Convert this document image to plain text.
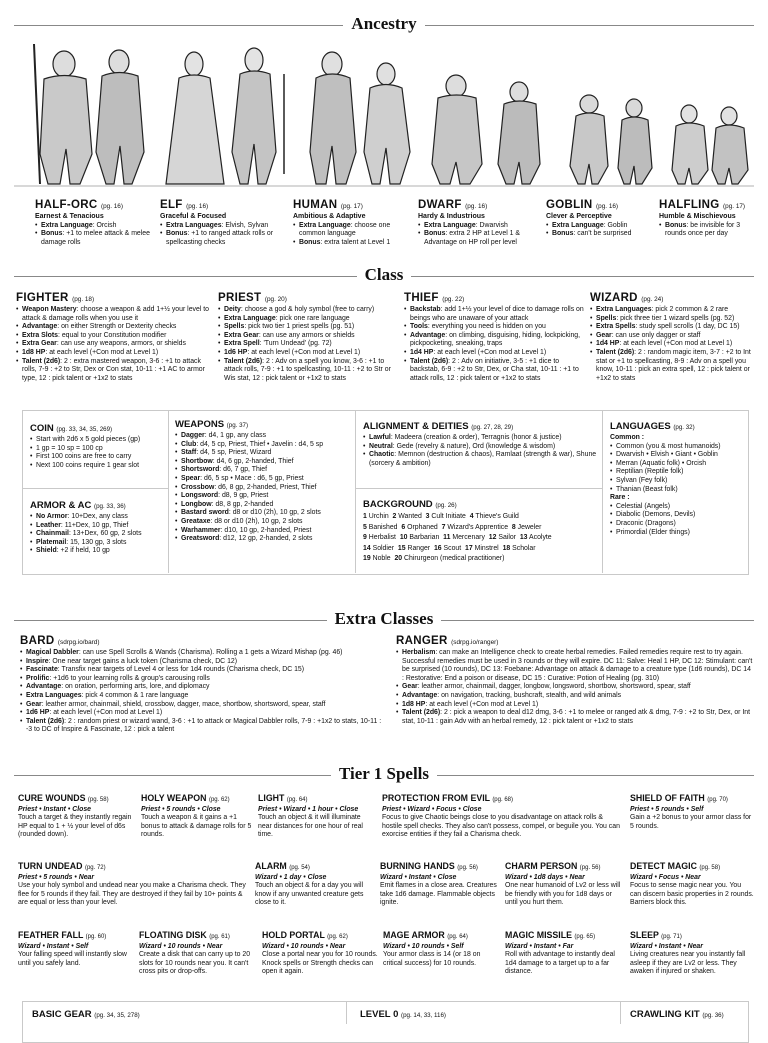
Ancestry
HALF-ORC (pg. 16)
Earnest & Tenacious
• Extra Language: Orcish
• Bonus: +1 to melee attack & melee damage rolls
ELF (pg. 16)
Graceful & Focused
• Extra Languages: Elvish, Sylvan
• Bonus: +1 to ranged attack rolls or spellcasting checks
HUMAN (pg. 17)
Ambitious & Adaptive
• Extra Language: choose one common language
• Bonus: extra talent at Level 1
DWARF (pg. 16)
Hardy & Industrious
• Extra Language: Dwarvish
• Bonus: extra 2 HP at Level 1 & Advantage on HP roll per level
GOBLIN (pg. 16)
Clever & Perceptive
• Extra Language: Goblin
• Bonus: can't be surprised
HALFLING (pg. 17)
Humble & Mischievous
• Bonus: be invisible for 3 rounds once per day
Class
FIGHTER (pg. 18)
• Weapon Mastery: choose a weapon & add 1+½ your level to attack & damage rolls when you use it
• Advantage: on either Strength or Dexterity checks
• Extra Slots: equal to your Constitution modifier
• Extra Gear: can use any weapons, armors, or shields
• 1d8 HP: at each level (+Con mod at Level 1)
• Talent (2d6): 2 : extra mastered weapon, 3-6 : +1 to attack rolls, 7-9 : +2 to Str, Dex or Con stat, 10-11 : +1 AC to armor type, 12 : pick talent or +1x2 to stats
PRIEST (pg. 20)
• Deity: choose a god & holy symbol (free to carry)
• Extra Language: pick one rare language
• Spells: pick two tier 1 priest spells (pg. 51)
• Extra Gear: can use any armors or shields
• Extra Spell: 'Turn Undead' (pg. 72)
• 1d6 HP: at each level (+Con mod at Level 1)
• Talent (2d6): 2 : Adv on a spell you know, 3-6 : +1 to attack rolls, 7-9 : +1 to spellcasting, 10-11 : +2 to Str or Wis stat, 12 : pick talent or +1x2 to stats
THIEF (pg. 22)
• Backstab: add 1+½ your level of dice to damage rolls on beings who are unaware of your attack
• Tools: everything you need is hidden on you
• Advantage: on climbing, disguising, hiding, lockpicking, pickpocketing, sneaking, traps
• 1d4 HP: at each level (+Con mod at Level 1)
• Talent (2d6): 2 : Adv on initiative, 3-5 : +1 dice to backstab, 6-9 : +2 to Str, Dex, or Cha stat, 10-11 : +1 to attack rolls, 12 : pick talent or +1x2 to stats
WIZARD (pg. 24)
• Extra Languages: pick 2 common & 2 rare
• Spells: pick three tier 1 wizard spells (pg. 52)
• Extra Spells: study spell scrolls (1 day, DC 15)
• Gear: can use only dagger or staff
• 1d4 HP: at each level (+Con mod at Level 1)
• Talent (2d6): 2 : random magic item, 3-7 : +2 to Int stat or +1 to spellcasting, 8-9 : Adv on a spell you know, 10-11 : pick an extra spell, 12 : pick talent or +1x2 to stats
COIN (pg. 33, 34, 35, 269)
• Start with 2d6 x 5 gold pieces (gp)
• 1 gp = 10 sp = 100 cp
• First 100 coins are free to carry
• Next 100 coins require 1 gear slot
ARMOR & AC (pg. 33, 36)
• No Armor: 10+Dex, any class
• Leather: 11+Dex, 10 gp, Thief
• Chainmail: 13+Dex, 60 gp, 2 slots
• Platemail: 15, 130 gp, 3 slots
• Shield: +2 if held, 10 gp
WEAPONS (pg. 37)
• Dagger: d4, 1 gp, any class
• Club: d4, 5 cp, Priest, Thief • Javelin : d4, 5 sp
• Staff: d4, 5 sp, Priest, Wizard
• Shortbow: d4, 6 gp, 2-handed, Thief
• Shortsword: d6, 7 gp, Thief
• Spear: d6, 5 sp • Mace : d6, 5 gp, Priest
• Crossbow: d6, 8 gp, 2-handed, Priest, Thief
• Longsword: d8, 9 gp, Priest
• Longbow: d8, 8 gp, 2-handed
• Bastard sword: d8 or d10 (2h), 10 gp, 2 slots
• Greataxe: d8 or d10 (2h), 10 gp, 2 slots
• Warhammer: d10, 10 gp, 2-handed, Priest
• Greatsword: d12, 12 gp, 2-handed, 2 slots
ALIGNMENT & DEITIES (pg. 27, 28, 29)
• Lawful: Madeera (creation & order), Terragnis (honor & justice)
• Neutral: Gede (revelry & nature), Ord (knowledge & wisdom)
• Chaotic: Memnon (destruction & chaos), Ramlaat (strength & war), Shune (sorcery & ambition)
BACKGROUND (pg. 26)
1 Urchin 2 Wanted 3 Cult Initiate 4 Thieve's Guild
5 Banished 6 Orphaned 7 Wizard's Apprentice 8 Jeweler
9 Herbalist 10 Barbarian 11 Mercenary 12 Sailor 13 Acolyte
14 Soldier 15 Ranger 16 Scout 17 Minstrel 18 Scholar
19 Noble 20 Chirurgeon (medical practitioner)
LANGUAGES (pg. 32)
Common :
• Common (you & most humanoids)
• Dwarvish • Elvish • Giant • Goblin
• Merran (Aquatic folk) • Orcish
• Reptilian (Reptile folk)
• Sylvan (Fey folk)
• Thanian (Beast folk)
Rare :
• Celestial (Angels)
• Diabolic (Demons, Devils)
• Draconic (Dragons)
• Primordial (Elder things)
Extra Classes
BARD (sdrpg.io/bard)
• Magical Dabbler: can use Spell Scrolls & Wands (Charisma). Rolling a 1 gets a Wizard Mishap (pg. 46)
• Inspire: One near target gains a luck token (Charisma check, DC 12)
• Fascinate: Transfix near targets of Level 4 or less for 1d4 rounds (Charisma check, DC 15)
• Prolific: +1d6 to your learning rolls & group's carousing rolls
• Advantage: on oration, performing arts, lore, and diplomacy
• Extra Languages: pick 4 common & 1 rare language
• Gear: leather armor, chainmail, shield, crossbow, dagger, mace, shortbow, shortsword, spear, staff
• 1d6 HP: at each level (+Con mod at Level 1)
• Talent (2d6): 2 : random priest or wizard wand, 3-6 : +1 to attack or Magical Dabbler rolls, 7-9 : +1x2 to stats, 10-11 : -3 to DC of Inspire & Fascinate, 12 : pick a talent
RANGER (sdrpg.io/ranger)
• Herbalism: can make an Intelligence check to create herbal remedies. Failed remedies require rest to try again. Successful remedies must be used in 3 rounds or they will expire. DC 11: Salve: Heal 1 HP, DC 12: Stimulant: can't be surprised (10 rounds), DC 13: Foebane: Advantage on attack & damage to a creature type (1d6 rounds), DC 14 : Restorative: End a poison or disease, DC 15 : Curative: Potion of Healing (pg. 310)
• Gear: leather armor, chainmail, dagger, longbow, longsword, shortbow, shortsword, spear, staff
• Advantage: on navigation, tracking, bushcraft, stealth, and wild animals
• 1d8 HP: at each level (+Con mod at Level 1)
• Talent (2d6): 2 : pick a weapon to deal d12 dmg, 3-6 : +1 to melee or ranged atk & dmg, 7-9 : +2 to Str, Dex, or Int stat, 10-11 : gain Adv with an herbal remedy, 12 : pick talent or +1x2 to stats
Tier 1 Spells
CURE WOUNDS (pg. 58)
Priest • Instant • Close
Touch a target & they instantly regain HP equal to 1 + ½ your level of d6s (rounded down).
HOLY WEAPON (pg. 62)
Priest • 5 rounds • Close
Touch a weapon & it gains a +1 bonus to attack & damage rolls for 5 rounds.
LIGHT (pg. 64)
Priest • Wizard • 1 hour • Close
Touch an object & it will illuminate near distances for one hour of real time.
PROTECTION FROM EVIL (pg. 68)
Priest • Wizard • Focus • Close
Focus to give Chaotic beings close to you disadvantage on attack rolls & hostile spell checks. They also can't possess, compel, or beguile you. You can exorcise entities if they fail a Charisma check.
SHIELD OF FAITH (pg. 70)
Priest • 5 rounds • Self
Gain a +2 bonus to your armor class for 5 rounds.
TURN UNDEAD (pg. 72)
Priest • 5 rounds • Near
Use your holy symbol and undead near you make a Charisma check. They flee for 5 rounds if they fail. They are destroyed if they fail by 10+ points & are equal or less than your level.
ALARM (pg. 54)
Wizard • 1 day • Close
Touch an object & for a day you will know if any unwanted creature gets close to it.
BURNING HANDS (pg. 56)
Wizard • Instant • Close
Emit flames in a close area. Creatures take 1d6 damage. Flammable objects ignite.
CHARM PERSON (pg. 56)
Wizard • 1d8 days • Near
One near humanoid of Lv2 or less will be friendly with you for 1d8 days or until you hurt them.
DETECT MAGIC (pg. 58)
Wizard • Focus • Near
Focus to sense magic near you. You can discern basic properties in 2 rounds. Barriers block this.
FEATHER FALL (pg. 60)
Wizard • Instant • Self
Your falling speed will instantly slow until you safely land.
FLOATING DISK (pg. 61)
Wizard • 10 rounds • Near
Create a disk that can carry up to 20 slots for 10 rounds near you. It can't cross pits or drop-offs.
HOLD PORTAL (pg. 62)
Wizard • 10 rounds • Near
Close a portal near you for 10 rounds. Knock spells or Strength checks can open it again.
MAGE ARMOR (pg. 64)
Wizard • 10 rounds • Self
Your armor class is 14 (or 18 on critical success) for 10 rounds.
MAGIC MISSILE (pg. 65)
Wizard • Instant • Far
Roll with advantage to instantly deal 1d4 damage to a target up to a far distance.
SLEEP (pg. 71)
Wizard • Instant • Near
Living creatures near you instantly fall asleep if they are Lv2 or less. They awaken if injured or shaken.
BASIC GEAR (pg. 34, 35, 278)	LEVEL 0 (pg. 14, 33, 116)	CRAWLING KIT (pg. 36)
